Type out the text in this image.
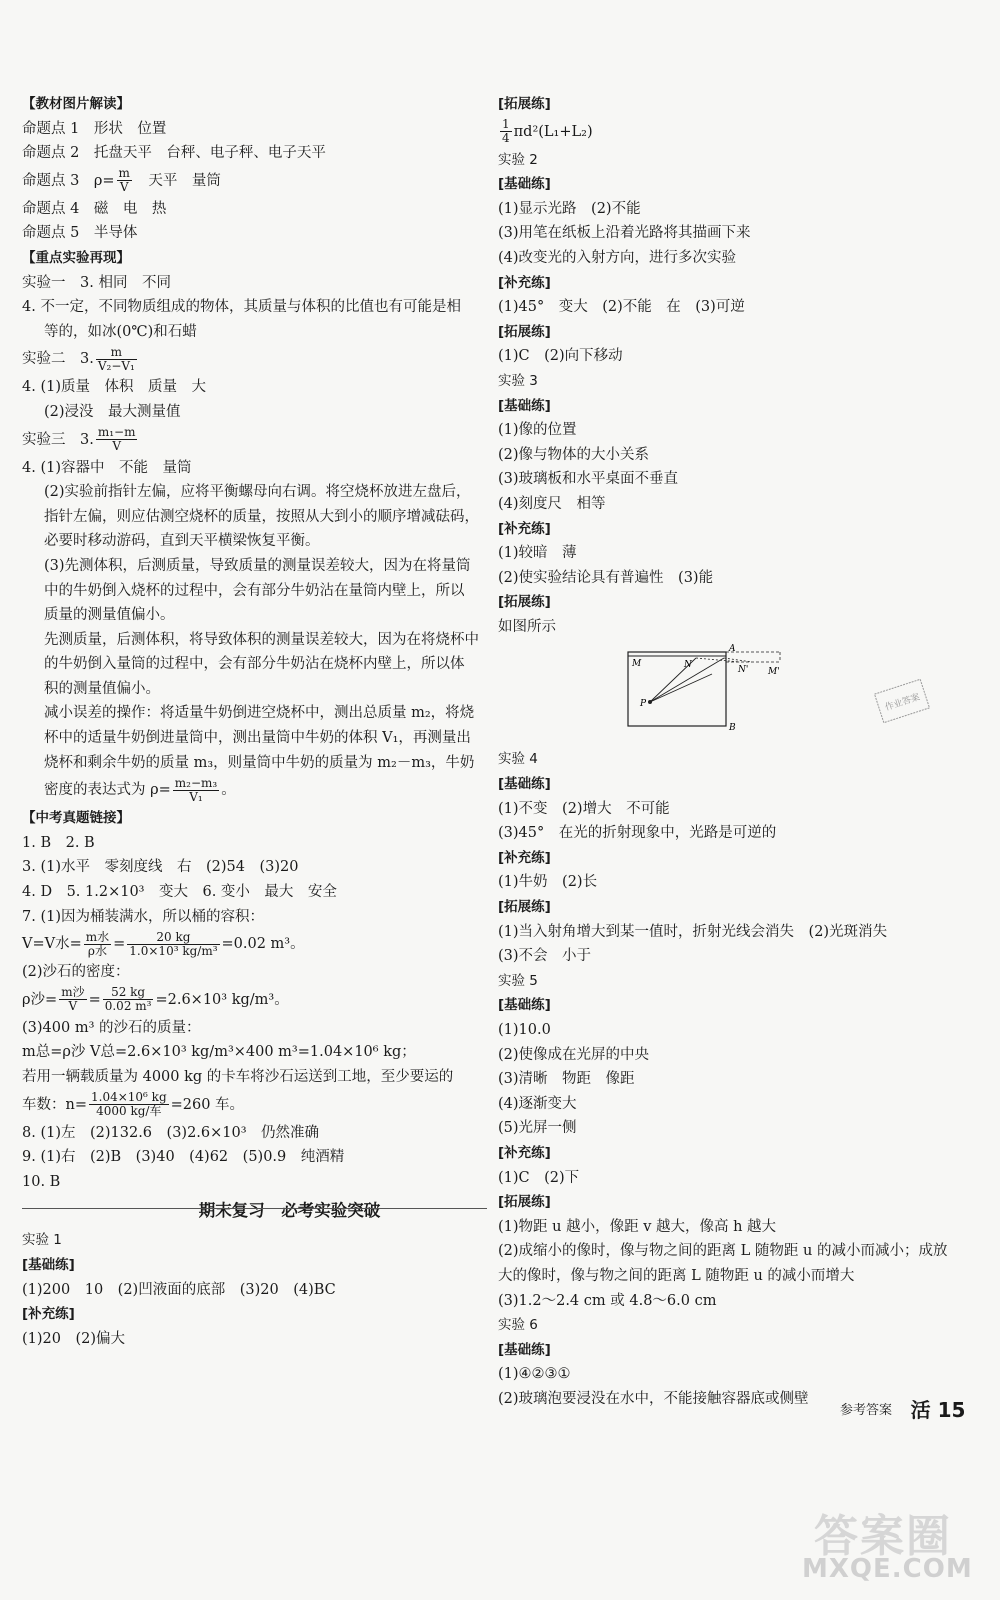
【教材图片解读】
命题点 1　形状　位置
命题点 2　托盘天平　台秤、电子秤、电子天平
命题点 3　$\rho= \frac{m}{V}$ 　天平　量筒
命题点 4　磁　电　热
命题点 5　半导体
【重点实验再现】
实验一　3. 相同　不同
4. 不一定，不同物质组成的物体，其质量与体积的比值也有可能是相
等的，如冰(0℃)和石蜡
实验二　3. $\frac{m}{\text{V₂−V₁}}$
4. (1)质量　体积　质量　大
(2)浸没　最大测量值
实验三　3. $\frac{\text{m₁−m}}{V}$
4. (1)容器中　不能　量筒
(2)实验前指针左偏，应将平衡螺母向右调。将空烧杯放进左盘后，
指针左偏，则应估测空烧杯的质量，按照从大到小的顺序增减砝码，
必要时移动游码，直到天平横梁恢复平衡。
(3)先测体积，后测质量，导致质量的测量误差较大，因为在将量筒
中的牛奶倒入烧杯的过程中，会有部分牛奶沾在量筒内壁上，所以
质量的测量值偏小。
先测质量，后测体积，将导致体积的测量误差较大，因为在将烧杯中
的牛奶倒入量筒的过程中，会有部分牛奶沾在烧杯内壁上，所以体
积的测量值偏小。
减小误差的操作：将适量牛奶倒进空烧杯中，测出总质量 m₂，将烧
杯中的适量牛奶倒进量筒中，测出量筒中牛奶的体积 V₁，再测量出
烧杯和剩余牛奶的质量 m₃，则量筒中牛奶的质量为 m₂－m₃，牛奶
密度的表达式为 $\rho= \frac{\text{m₂−m₃}}{\text{V₁}}$ 。
【中考真题链接】
1. B　2. B
3. (1)水平　零刻度线　右　(2)54　(3)20
4. D　5. 1.2×10³　变大　6. 变小　最大　安全
7. (1)因为桶装满水，所以桶的容积：
V=V水= $\frac{\text{m水}}{\text{ρ水}} = \frac{20 kg}{\text{1.0×10³ kg/m³}} =0.02$ m³。
(2)沙石的密度：
ρ沙= $\frac{\text{m沙}}{V} = \frac{52 kg}{\text{0.02 m³}} =2.6\times 10^3$ kg/m³。
(3)400 m³ 的沙石的质量：
m总=ρ沙 V总=2.6×10³ kg/m³×400 m³=1.04×10⁶ kg；
若用一辆载质量为 4000 kg 的卡车将沙石运送到工地，至少要运的
车数：$n= \frac{\text{1.04×10⁶ kg}}{\text{4000 kg/车}} =260$ 车。
8. (1)左　(2)132.6　(3)2.6×10³　仍然准确
9. (1)右　(2)B　(3)40　(4)62　(5)0.9　纯酒精
10. B
期末复习　必考实验突破
实验 1
[基础练]
(1)200　10　(2)凹液面的底部　(3)20　(4)BC
[补充练]
(1)20　(2)偏大
[拓展练]
$\frac{1}{4} \pi d^2(L_1+L_2)$
实验 2
[基础练]
(1)显示光路　(2)不能
(3)用笔在纸板上沿着光路将其描画下来
(4)改变光的入射方向，进行多次实验
[补充练]
(1)45°　变大　(2)不能　在　(3)可逆
[拓展练]
(1)C　(2)向下移动
实验 3
[基础练]
(1)像的位置
(2)像与物体的大小关系
(3)玻璃板和水平桌面不垂直
(4)刻度尺　相等
[补充练]
(1)较暗　薄
(2)使实验结论具有普遍性　(3)能
[拓展练]
如图所示
实验 4
[基础练]
(1)不变　(2)增大　不可能
(3)45°　在光的折射现象中，光路是可逆的
[补充练]
(1)牛奶　(2)长
[拓展练]
(1)当入射角增大到某一值时，折射光线会消失　(2)光斑消失
(3)不会　小于
实验 5
[基础练]
(1)10.0
(2)使像成在光屏的中央
(3)清晰　物距　像距
(4)逐渐变大
(5)光屏一侧
[补充练]
(1)C　(2)下
[拓展练]
(1)物距 u 越小，像距 v 越大，像高 h 越大
(2)成缩小的像时，像与物之间的距离 L 随物距 u 的减小而减小；成放
大的像时，像与物之间的距离 L 随物距 u 的减小而增大
(3)1.2～2.4 cm 或 4.8～6.0 cm
实验 6
[基础练]
(1)④②③①
(2)玻璃泡要浸没在水中，不能接触容器底或侧壁
M	N
A
N' M'
P
B
作业答案
参考答案 活 15
答案圈
MXQE.COM
